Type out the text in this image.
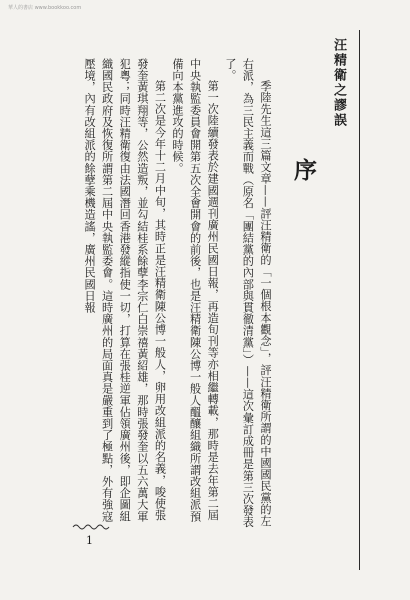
華人的書店 www.bookkoo.com
汪精衛之謬誤
序

季陸先生這三篇文章——評汪精衛的「一個根本觀念」，評汪精衛所謂的中國國民黨的左右派，為三民主義而戰（原名「團結黨的內部與貫徹清黨」）——這次彙訂成冊是第三次發表了。

第一次陸續發表於建國週刊廣州民國日報，再造旬刊等亦相繼轉載，那時是去年第二屆中央執監委員會開第五次全會開會的前後，也是汪精衛陳公博一般人醞釀組織所謂改組派預備向本黨進攻的時候。

第二次是今年十二月中旬，其時正是汪精衛陳公博一般人，卵用改組派的名義，唆使張發奎黃琪翔等，公然造叛，並勾結桂系餘孽李宗仁白崇禧黃紹雄，那時張發奎以五六萬大軍犯粵；同時汪精衛復由法國潛回香港發縱指使一切，打算在張桂逆軍佔領廣州後，即企圖組織國民政府及恢復所謂第二屆中央執監委會。這時廣州的局面真是嚴重到了極點，外有強寇壓境，內有改組派的餘孽乘機造謠，廣州民國日報

1
